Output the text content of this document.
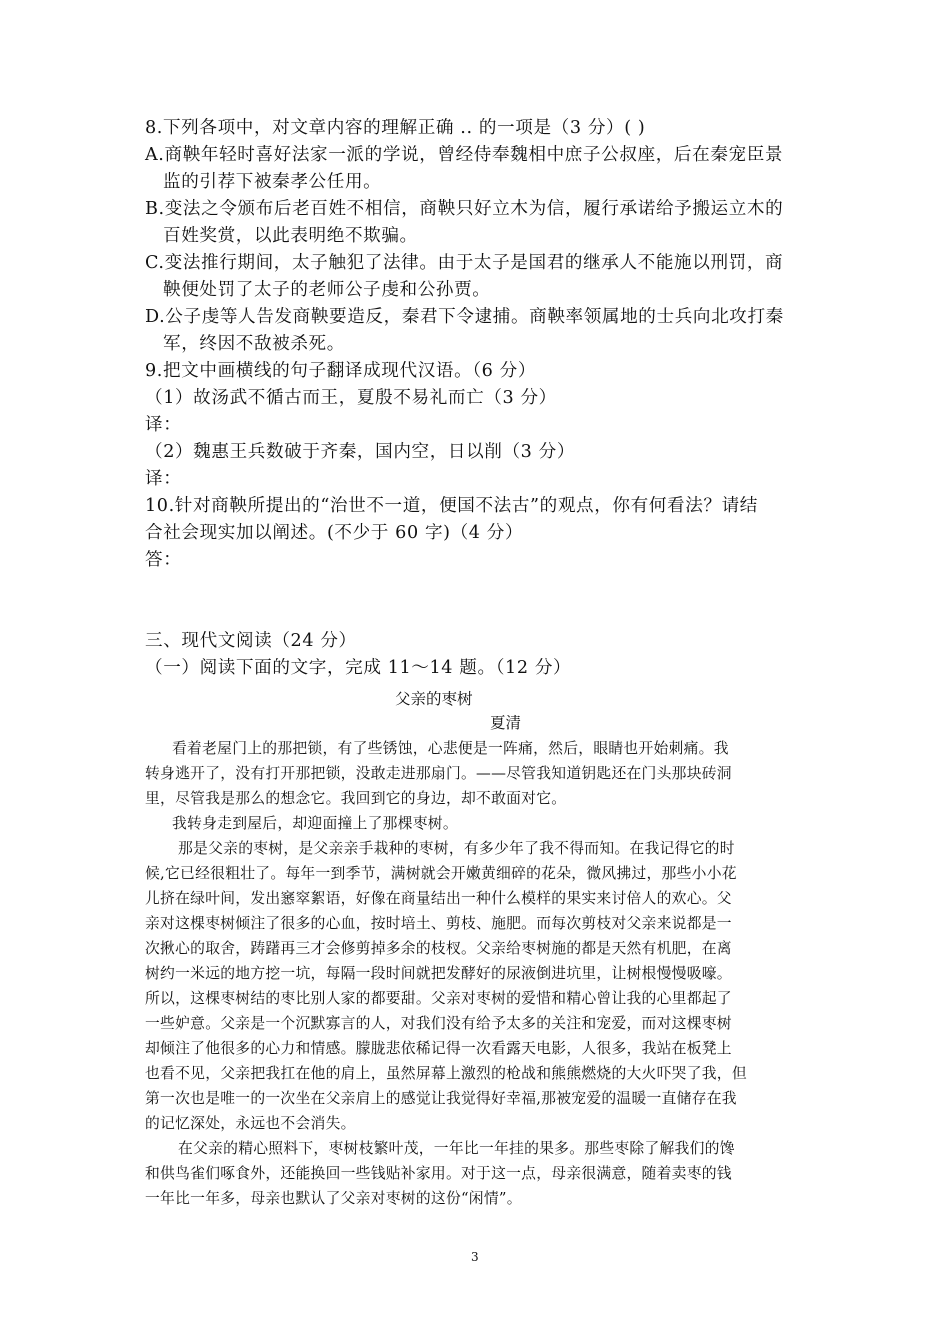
8.下列各项中，对文章内容的理解正确 .. 的一项是（3 分）( )
A.商鞅年轻时喜好法家一派的学说，曾经侍奉魏相中庶子公叔座，后在秦宠臣景
监的引荐下被秦孝公任用。
B.变法之令颁布后老百姓不相信，商鞅只好立木为信，履行承诺给予搬运立木的
百姓奖赏，以此表明绝不欺骗。
C.变法推行期间，太子触犯了法律。由于太子是国君的继承人不能施以刑罚，商
鞅便处罚了太子的老师公子虔和公孙贾。
D.公子虔等人告发商鞅要造反，秦君下令逮捕。商鞅率领属地的士兵向北攻打秦
军，终因不敌被杀死。
9.把文中画横线的句子翻译成现代汉语。（6 分）
（1）故汤武不循古而王，夏殷不易礼而亡（3 分）
译：
（2）魏惠王兵数破于齐秦，国内空，日以削（3 分）
译：
10.针对商鞅所提出的“治世不一道，便国不法古”的观点，你有何看法？请结
合社会现实加以阐述。(不少于 60 字)（4 分）
答：
三、现代文阅读（24 分）
（一）阅读下面的文字，完成 11～14 题。（12 分）
父亲的枣树
夏清
看着老屋门上的那把锁，有了些锈蚀，心悲便是一阵痛，然后，眼睛也开始刺痛。我
转身逃开了，没有打开那把锁，没敢走进那扇门。——尽管我知道钥匙还在门头那块砖洞
里，尽管我是那么的想念它。我回到它的身边，却不敢面对它。
我转身走到屋后，却迎面撞上了那棵枣树。
那是父亲的枣树，是父亲亲手栽种的枣树，有多少年了我不得而知。在我记得它的时
候,它已经很粗壮了。每年一到季节，满树就会开嫩黄细碎的花朵，微风拂过，那些小小花
儿挤在绿叶间，发出窸窣絮语，好像在商量结出一种什么模样的果实来讨倍人的欢心。父
亲对这棵枣树倾注了很多的心血，按时培土、剪枝、施肥。而每次剪枝对父亲来说都是一
次揪心的取舍，踌躇再三才会修剪掉多余的枝杈。父亲给枣树施的都是天然有机肥，在离
树约一米远的地方挖一坑，每隔一段时间就把发酵好的尿液倒进坑里，让树根慢慢吸嚎。
所以，这棵枣树结的枣比别人家的都要甜。父亲对枣树的爱惜和精心曾让我的心里都起了
一些妒意。父亲是一个沉默寡言的人，对我们没有给予太多的关注和宠爱，而对这棵枣树
却倾注了他很多的心力和情感。朦胧悲依稀记得一次看露天电影，人很多，我站在板凳上
也看不见，父亲把我扛在他的肩上，虽然屏幕上激烈的枪战和熊熊燃烧的大火吓哭了我，但
第一次也是唯一的一次坐在父亲肩上的感觉让我觉得好幸福,那被宠爱的温暖一直储存在我
的记忆深处，永远也不会消失。
在父亲的精心照料下，枣树枝繁叶茂，一年比一年挂的果多。那些枣除了解我们的馋
和供鸟雀们啄食外，还能换回一些钱贴补家用。对于这一点，母亲很满意，随着卖枣的钱
一年比一年多，母亲也默认了父亲对枣树的这份“闲情”。
3
